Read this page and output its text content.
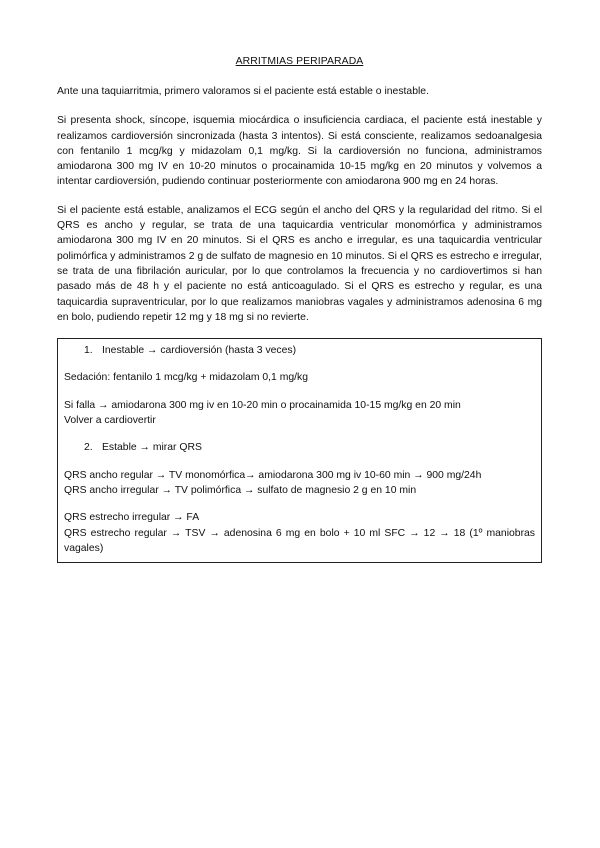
ARRITMIAS PERIPARADA

Ante una taquiarritmia, primero valoramos si el paciente está estable o inestable.

Si presenta shock, síncope, isquemia miocárdica o insuficiencia cardiaca, el paciente está inestable y realizamos cardioversión sincronizada (hasta 3 intentos). Si está consciente, realizamos sedoanalgesia con fentanilo 1 mcg/kg y midazolam 0,1 mg/kg. Si la cardioversión no funciona, administramos amiodarona 300 mg IV en 10-20 minutos o procainamida 10-15 mg/kg en 20 minutos y volvemos a intentar cardioversión, pudiendo continuar posteriormente con amiodarona 900 mg en 24 horas.

Si el paciente está estable, analizamos el ECG según el ancho del QRS y la regularidad del ritmo. Si el QRS es ancho y regular, se trata de una taquicardia ventricular monomórfica y administramos amiodarona 300 mg IV en 20 minutos. Si el QRS es ancho e irregular, es una taquicardia ventricular polimórfica y administramos 2 g de sulfato de magnesio en 10 minutos. Si el QRS es estrecho e irregular, se trata de una fibrilación auricular, por lo que controlamos la frecuencia y no cardiovertimos si han pasado más de 48 h y el paciente no está anticoagulado. Si el QRS es estrecho y regular, es una taquicardia supraventricular, por lo que realizamos maniobras vagales y administramos adenosina 6 mg en bolo, pudiendo repetir 12 mg y 18 mg si no revierte.

1. Inestable → cardioversión (hasta 3 veces)

Sedación: fentanilo 1 mcg/kg + midazolam 0,1 mg/kg

Si falla → amiodarona 300 mg iv en 10-20 min o procainamida 10-15 mg/kg en 20 min

Volver a cardiovertir

2. Estable → mirar QRS

QRS ancho regular → TV monomórfica→ amiodarona 300 mg iv 10-60 min → 900 mg/24h

QRS ancho irregular → TV polimórfica → sulfato de magnesio 2 g en 10 min

QRS estrecho irregular → FA

QRS estrecho regular → TSV → adenosina 6 mg en bolo + 10 ml SFC → 12 → 18 (1º maniobras vagales)
